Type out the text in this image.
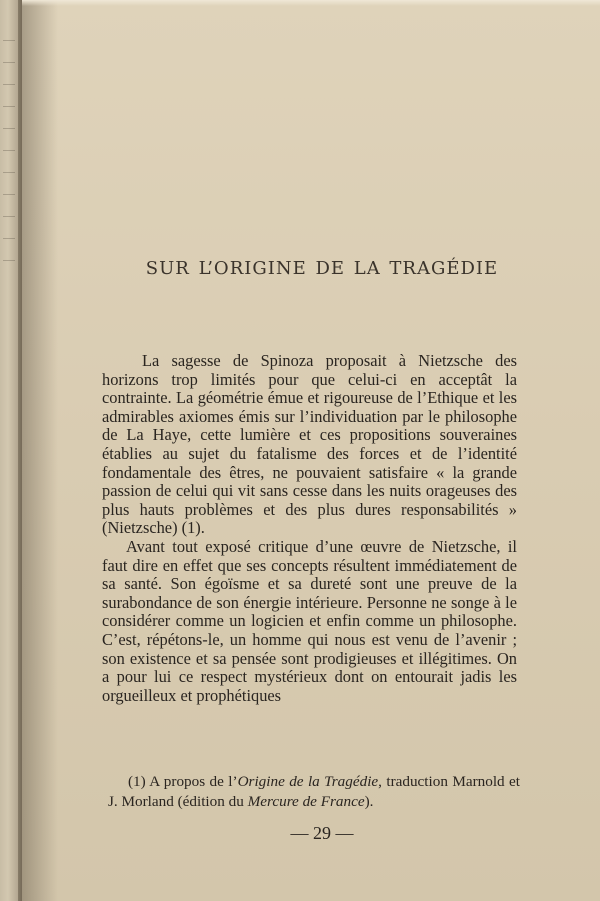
SUR L’ORIGINE DE LA TRAGÉDIE

La sagesse de Spinoza proposait à Nietzsche des horizons trop limités pour que celui-ci en acceptât la contrainte. La géométrie émue et rigoureuse de l’Ethique et les admirables axiomes émis sur l’individuation par le philosophe de La Haye, cette lumière et ces propositions souveraines établies au sujet du fatalisme des forces et de l’identité fondamentale des êtres, ne pouvaient satisfaire « la grande passion de celui qui vit sans cesse dans les nuits orageuses des plus hauts problèmes et des plus dures responsabilités » (Nietzsche) (1).

Avant tout exposé critique d’une œuvre de Nietzsche, il faut dire en effet que ses concepts résultent immédiatement de sa santé. Son égoïsme et sa dureté sont une preuve de la surabondance de son énergie intérieure. Personne ne songe à le considérer comme un logicien et enfin comme un philosophe. C’est, répétons-le, un homme qui nous est venu de l’avenir ; son existence et sa pensée sont prodigieuses et illégitimes. On a pour lui ce respect mystérieux dont on entourait jadis les orgueilleux et prophétiques

(1) A propos de l’Origine de la Tragédie, traduction Marnold et J. Morland (édition du Mercure de France).

— 29 —
